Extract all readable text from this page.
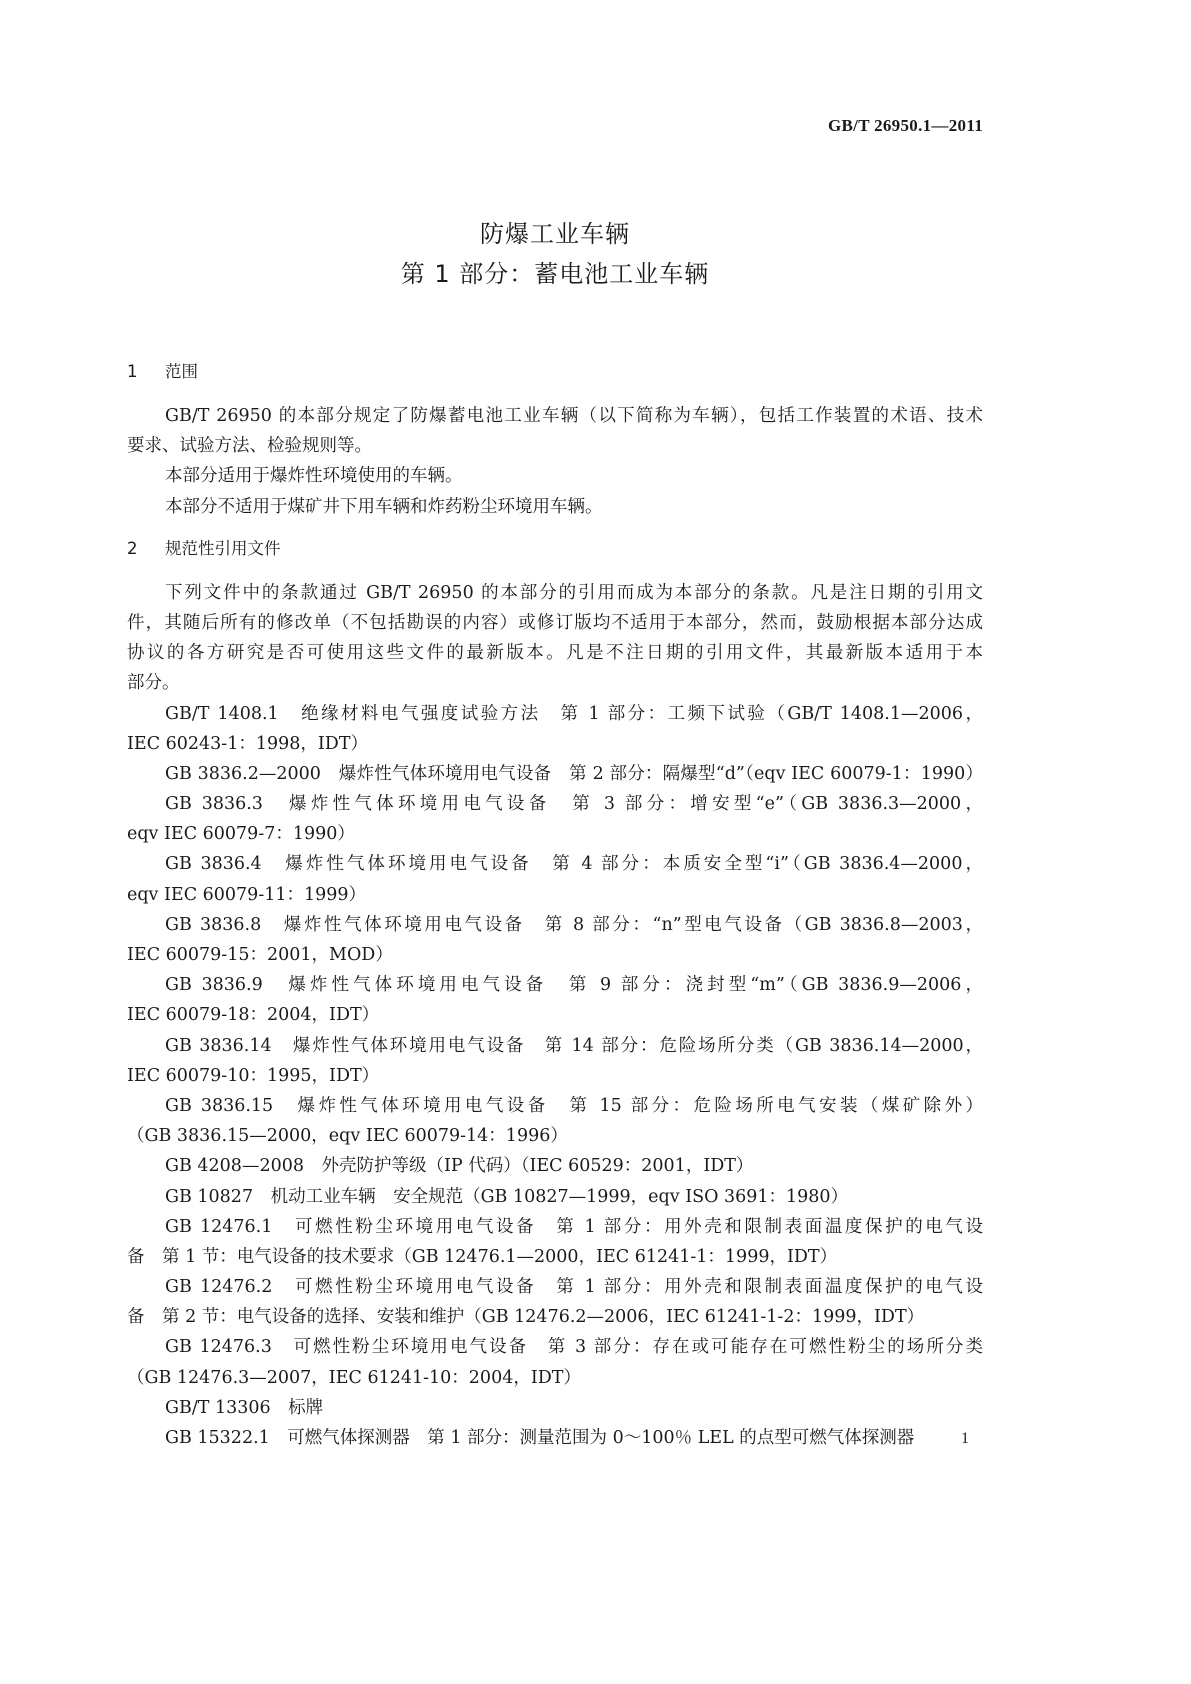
GB/T 26950.1—2011
防爆工业车辆
第 1 部分：蓄电池工业车辆
1 范围
GB/T 26950 的本部分规定了防爆蓄电池工业车辆（以下简称为车辆），包括工作装置的术语、技术
要求、试验方法、检验规则等。
本部分适用于爆炸性环境使用的车辆。
本部分不适用于煤矿井下用车辆和炸药粉尘环境用车辆。
2 规范性引用文件
下列文件中的条款通过 GB/T 26950 的本部分的引用而成为本部分的条款。凡是注日期的引用文
件，其随后所有的修改单（不包括勘误的内容）或修订版均不适用于本部分，然而，鼓励根据本部分达成
协议的各方研究是否可使用这些文件的最新版本。凡是不注日期的引用文件，其最新版本适用于本
部分。
GB/T 1408.1　绝缘材料电气强度试验方法　第 1 部分：工频下试验（GB/T 1408.1—2006，
IEC 60243-1：1998，IDT）
GB 3836.2—2000　爆炸性气体环境用电气设备　第 2 部分：隔爆型“d”（eqv IEC 60079-1：1990）
GB 3836.3　爆炸性气体环境用电气设备　第 3 部分：增安型“e”（GB 3836.3—2000，
eqv IEC 60079-7：1990）
GB 3836.4　爆炸性气体环境用电气设备　第 4 部分：本质安全型“i”（GB 3836.4—2000，
eqv IEC 60079-11：1999）
GB 3836.8　爆炸性气体环境用电气设备　第 8 部分：“n”型电气设备（GB 3836.8—2003，
IEC 60079-15：2001，MOD）
GB 3836.9　爆炸性气体环境用电气设备　第 9 部分：浇封型“m”（GB 3836.9—2006，
IEC 60079-18：2004，IDT）
GB 3836.14　爆炸性气体环境用电气设备　第 14 部分：危险场所分类（GB 3836.14—2000，
IEC 60079-10：1995，IDT）
GB 3836.15　爆炸性气体环境用电气设备　第 15 部分：危险场所电气安装（煤矿除外）
（GB 3836.15—2000，eqv IEC 60079-14：1996）
GB 4208—2008　外壳防护等级（IP 代码）（IEC 60529：2001，IDT）
GB 10827　机动工业车辆　安全规范（GB 10827—1999，eqv ISO 3691：1980）
GB 12476.1　可燃性粉尘环境用电气设备　第 1 部分：用外壳和限制表面温度保护的电气设
备　第 1 节：电气设备的技术要求（GB 12476.1—2000，IEC 61241-1：1999，IDT）
GB 12476.2　可燃性粉尘环境用电气设备　第 1 部分：用外壳和限制表面温度保护的电气设
备　第 2 节：电气设备的选择、安装和维护（GB 12476.2—2006，IEC 61241-1-2：1999，IDT）
GB 12476.3　可燃性粉尘环境用电气设备　第 3 部分：存在或可能存在可燃性粉尘的场所分类
（GB 12476.3—2007，IEC 61241-10：2004，IDT）
GB/T 13306　标牌
GB 15322.1　可燃气体探测器　第 1 部分：测量范围为 0～100％ LEL 的点型可燃气体探测器	1
